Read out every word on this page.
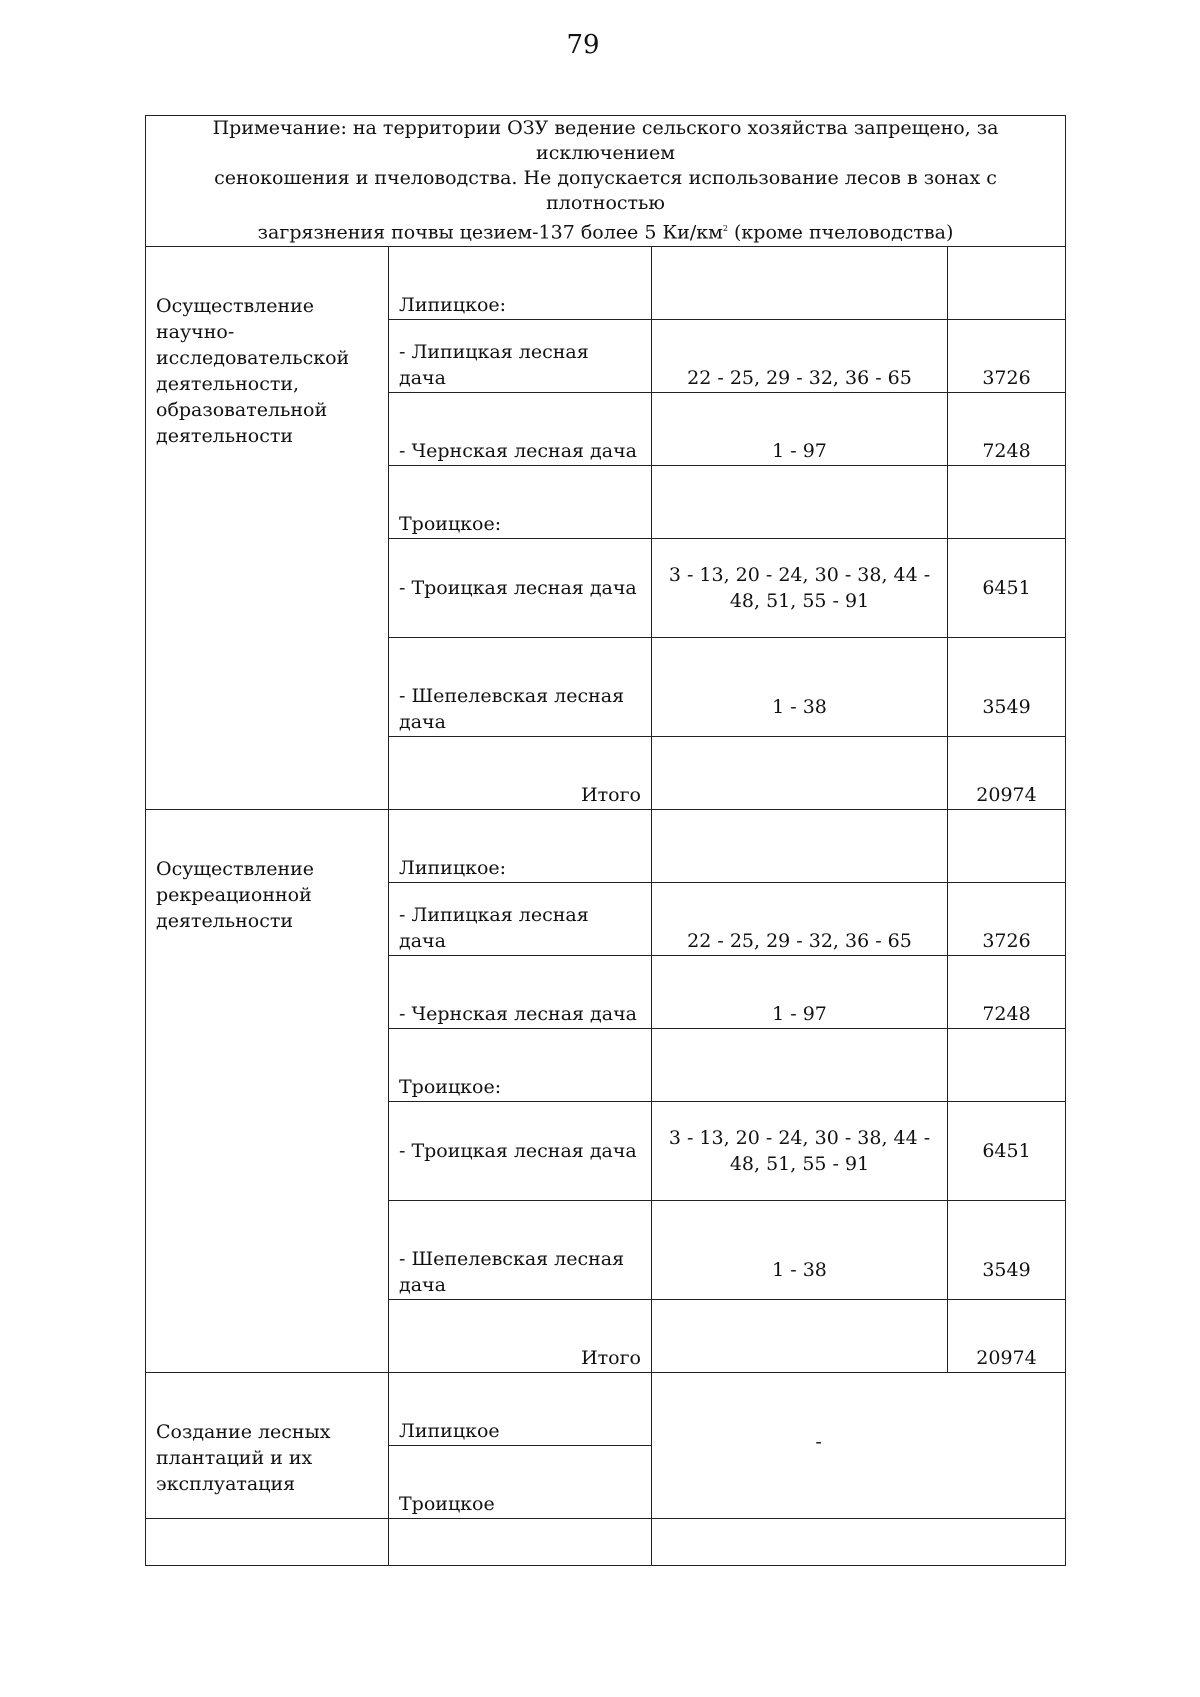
79
Примечание: на территории ОЗУ ведение сельского хозяйства запрещено, за исключением
сенокошения и пчеловодства. Не допускается использование лесов в зонах с плотностью
загрязнения почвы цезием-137 более 5 $Ки/км^2$ (кроме пчеловодства)			

Осуществление научно-исследовательской деятельности, образовательной деятельности	Липицкое:		
	- Липицкая лесная дача	22 - 25, 29 - 32, 36 - 65	3726
	- Чернская лесная дача	1 - 97	7248
	Троицкое:		
	- Троицкая лесная дача	3 - 13, 20 - 24, 30 - 38, 44 - 48, 51, 55 - 91	6451
	- Шепелевская лесная дача	1 - 38	3549
	Итого		20974
Осуществление рекреационной деятельности	Липицкое:		
	- Липицкая лесная дача	22 - 25, 29 - 32, 36 - 65	3726
	- Чернская лесная дача	1 - 97	7248
	Троицкое:		
	- Троицкая лесная дача	3 - 13, 20 - 24, 30 - 38, 44 - 48, 51, 55 - 91	6451
	- Шепелевская лесная дача	1 - 38	3549
	Итого		20974
Создание лесных плантаций и их эксплуатация	Липицкое	-	
	Троицкое		
